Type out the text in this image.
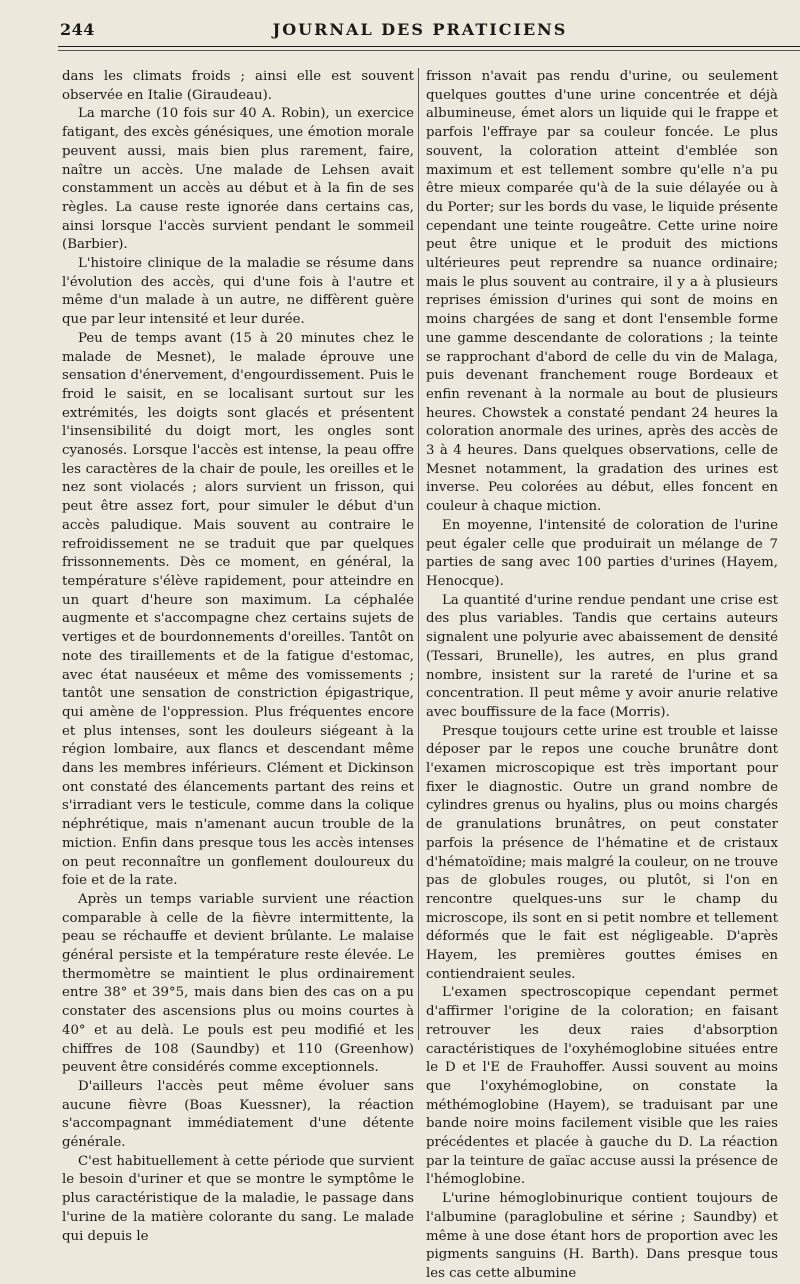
244	JOURNAL DES PRATICIENS

dans les climats froids ; ainsi elle est souvent observée en Italie (Giraudeau).

La marche (10 fois sur 40 A. Robin), un exercice fatigant, des excès génésiques, une émotion morale peuvent aussi, mais bien plus rarement, faire, naître un accès. Une malade de Lehsen avait constamment un accès au début et à la fin de ses règles. La cause reste ignorée dans certains cas, ainsi lorsque l'accès survient pendant le sommeil (Barbier).

L'histoire clinique de la maladie se résume dans l'évolution des accès, qui d'une fois à l'autre et même d'un malade à un autre, ne diffèrent guère que par leur intensité et leur durée.

Peu de temps avant (15 à 20 minutes chez le malade de Mesnet), le malade éprouve une sensation d'énervement, d'engourdissement. Puis le froid le saisit, en se localisant surtout sur les extrémités, les doigts sont glacés et présentent l'insensibilité du doigt mort, les ongles sont cyanosés. Lorsque l'accès est intense, la peau offre les caractères de la chair de poule, les oreilles et le nez sont violacés ; alors survient un frisson, qui peut être assez fort, pour simuler le début d'un accès paludique. Mais souvent au contraire le refroidissement ne se traduit que par quelques frissonnements. Dès ce moment, en général, la température s'élève rapidement, pour atteindre en un quart d'heure son maximum. La céphalée augmente et s'accompagne chez certains sujets de vertiges et de bourdonnements d'oreilles. Tantôt on note des tiraillements et de la fatigue d'estomac, avec état nauséeux et même des vomissements ; tantôt une sensation de constriction épigastrique, qui amène de l'oppression. Plus fréquentes encore et plus intenses, sont les douleurs siégeant à la région lombaire, aux flancs et descendant même dans les membres inférieurs. Clément et Dickinson ont constaté des élancements partant des reins et s'irradiant vers le testicule, comme dans la colique néphrétique, mais n'amenant aucun trouble de la miction. Enfin dans presque tous les accès intenses on peut reconnaître un gonflement douloureux du foie et de la rate.

Après un temps variable survient une réaction comparable à celle de la fièvre intermittente, la peau se réchauffe et devient brûlante. Le malaise général persiste et la température reste élevée. Le thermomètre se maintient le plus ordinairement entre 38° et 39°5, mais dans bien des cas on a pu constater des ascensions plus ou moins courtes à 40° et au delà. Le pouls est peu modifié et les chiffres de 108 (Saundby) et 110 (Greenhow) peuvent être considérés comme exceptionnels.

D'ailleurs l'accès peut même évoluer sans aucune fièvre (Boas Kuessner), la réaction s'accompagnant immédiatement d'une détente générale.

C'est habituellement à cette période que survient le besoin d'uriner et que se montre le symptôme le plus caractéristique de la maladie, le passage dans l'urine de la matière colorante du sang. Le malade qui depuis le

frisson n'avait pas rendu d'urine, ou seulement quelques gouttes d'une urine concentrée et déjà albumineuse, émet alors un liquide qui le frappe et parfois l'effraye par sa couleur foncée. Le plus souvent, la coloration atteint d'emblée son maximum et est tellement sombre qu'elle n'a pu être mieux comparée qu'à de la suie délayée ou à du Porter; sur les bords du vase, le liquide présente cependant une teinte rougeâtre. Cette urine noire peut être unique et le produit des mictions ultérieures peut reprendre sa nuance ordinaire; mais le plus souvent au contraire, il y a à plusieurs reprises émission d'urines qui sont de moins en moins chargées de sang et dont l'ensemble forme une gamme descendante de colorations ; la teinte se rapprochant d'abord de celle du vin de Malaga, puis devenant franchement rouge Bordeaux et enfin revenant à la normale au bout de plusieurs heures. Chowstek a constaté pendant 24 heures la coloration anormale des urines, après des accès de 3 à 4 heures. Dans quelques observations, celle de Mesnet notamment, la gradation des urines est inverse. Peu colorées au début, elles foncent en couleur à chaque miction.

En moyenne, l'intensité de coloration de l'urine peut égaler celle que produirait un mélange de 7 parties de sang avec 100 parties d'urines (Hayem, Henocque).

La quantité d'urine rendue pendant une crise est des plus variables. Tandis que certains auteurs signalent une polyurie avec abaissement de densité (Tessari, Brunelle), les autres, en plus grand nombre, insistent sur la rareté de l'urine et sa concentration. Il peut même y avoir anurie relative avec bouffissure de la face (Morris).

Presque toujours cette urine est trouble et laisse déposer par le repos une couche brunâtre dont l'examen microscopique est très important pour fixer le diagnostic. Outre un grand nombre de cylindres grenus ou hyalins, plus ou moins chargés de granulations brunâtres, on peut constater parfois la présence de l'hématine et de cristaux d'hématoïdine; mais malgré la couleur, on ne trouve pas de globules rouges, ou plutôt, si l'on en rencontre quelques-uns sur le champ du microscope, ils sont en si petit nombre et tellement déformés que le fait est négligeable. D'après Hayem, les premières gouttes émises en contiendraient seules.

L'examen spectroscopique cependant permet d'affirmer l'origine de la coloration; en faisant retrouver les deux raies d'absorption caractéristiques de l'oxyhémoglobine situées entre le D et l'E de Frauhoffer. Aussi souvent au moins que l'oxyhémoglobine, on constate la méthémoglobine (Hayem), se traduisant par une bande noire moins facilement visible que les raies précédentes et placée à gauche du D. La réaction par la teinture de gaïac accuse aussi la présence de l'hémoglobine.

L'urine hémoglobinurique contient toujours de l'albumine (paraglobuline et sérine ; Saundby) et même à une dose étant hors de proportion avec les pigments sanguins (H. Barth). Dans presque tous les cas cette albumine
